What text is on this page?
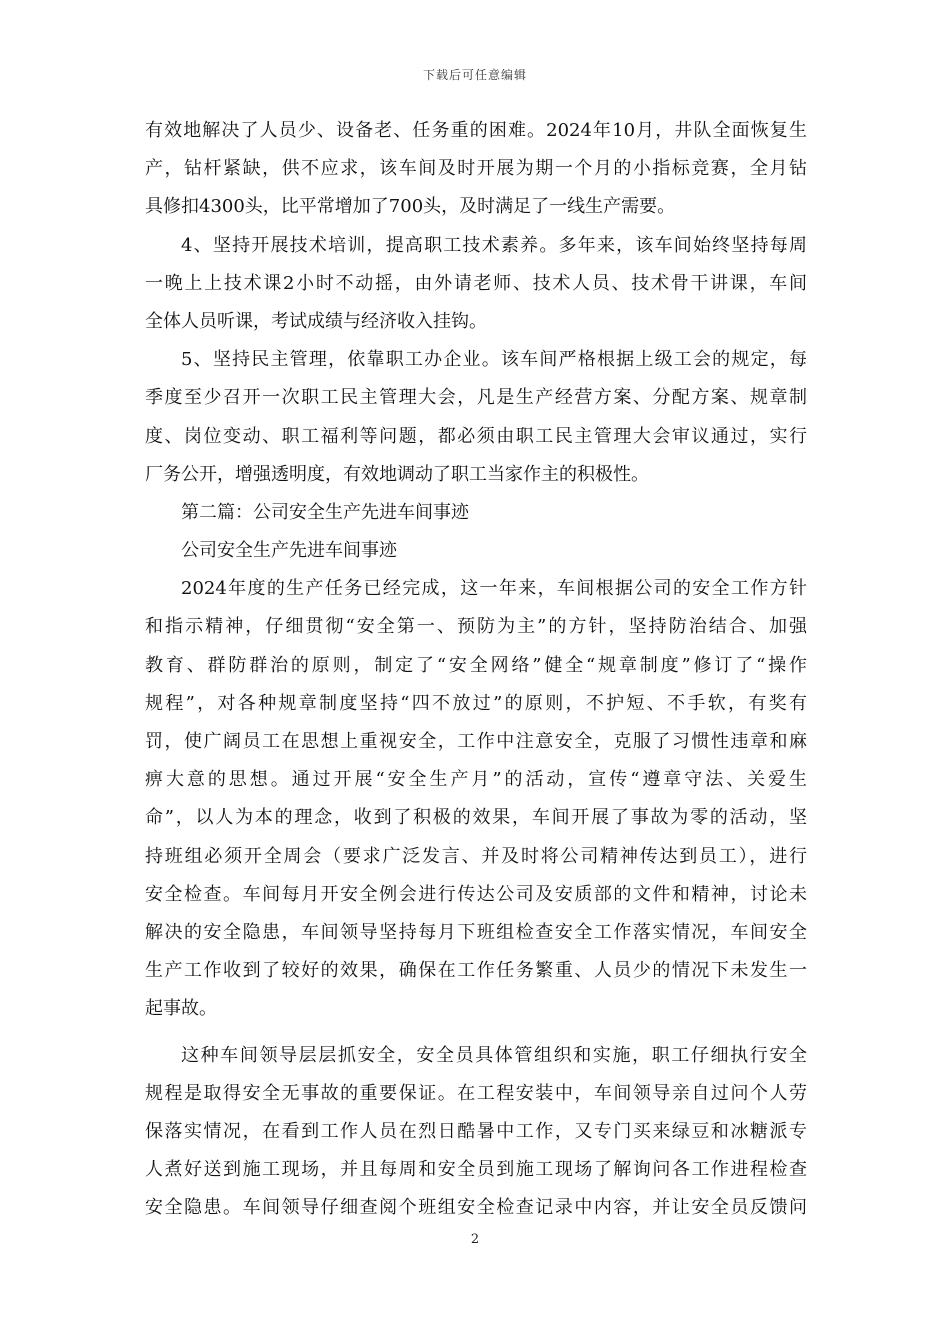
下载后可任意编辑
有效地解决了人员少、设备老、任务重的困难。2024年10月，井队全面恢复生
产，钻杆紧缺，供不应求，该车间及时开展为期一个月的小指标竞赛，全月钻
具修扣4300头，比平常增加了700头，及时满足了一线生产需要。
4、坚持开展技术培训，提高职工技术素养。多年来，该车间始终坚持每周
一晚上上技术课2小时不动摇，由外请老师、技术人员、技术骨干讲课，车间
全体人员听课，考试成绩与经济收入挂钩。
5、坚持民主管理，依靠职工办企业。该车间严格根据上级工会的规定，每
季度至少召开一次职工民主管理大会，凡是生产经营方案、分配方案、规章制
度、岗位变动、职工福利等问题，都必须由职工民主管理大会审议通过，实行
厂务公开，增强透明度，有效地调动了职工当家作主的积极性。
第二篇：公司安全生产先进车间事迹
公司安全生产先进车间事迹
2024年度的生产任务已经完成，这一年来，车间根据公司的安全工作方针
和指示精神，仔细贯彻“安全第一、预防为主”的方针，坚持防治结合、加强
教育、群防群治的原则，制定了“安全网络”健全“规章制度”修订了“操作
规程”，对各种规章制度坚持“四不放过”的原则，不护短、不手软，有奖有
罚，使广阔员工在思想上重视安全，工作中注意安全，克服了习惯性违章和麻
痹大意的思想。通过开展“安全生产月”的活动，宣传“遵章守法、关爱生
命”，以人为本的理念，收到了积极的效果，车间开展了事故为零的活动，坚
持班组必须开全周会（要求广泛发言、并及时将公司精神传达到员工），进行
安全检查。车间每月开安全例会进行传达公司及安质部的文件和精神，讨论未
解决的安全隐患，车间领导坚持每月下班组检查安全工作落实情况，车间安全
生产工作收到了较好的效果，确保在工作任务繁重、人员少的情况下未发生一
起事故。
这种车间领导层层抓安全，安全员具体管组织和实施，职工仔细执行安全
规程是取得安全无事故的重要保证。在工程安装中，车间领导亲自过问个人劳
保落实情况，在看到工作人员在烈日酷暑中工作，又专门买来绿豆和冰糖派专
人煮好送到施工现场，并且每周和安全员到施工现场了解询问各工作进程检查
安全隐患。车间领导仔细查阅个班组安全检查记录中内容，并让安全员反馈问
2
